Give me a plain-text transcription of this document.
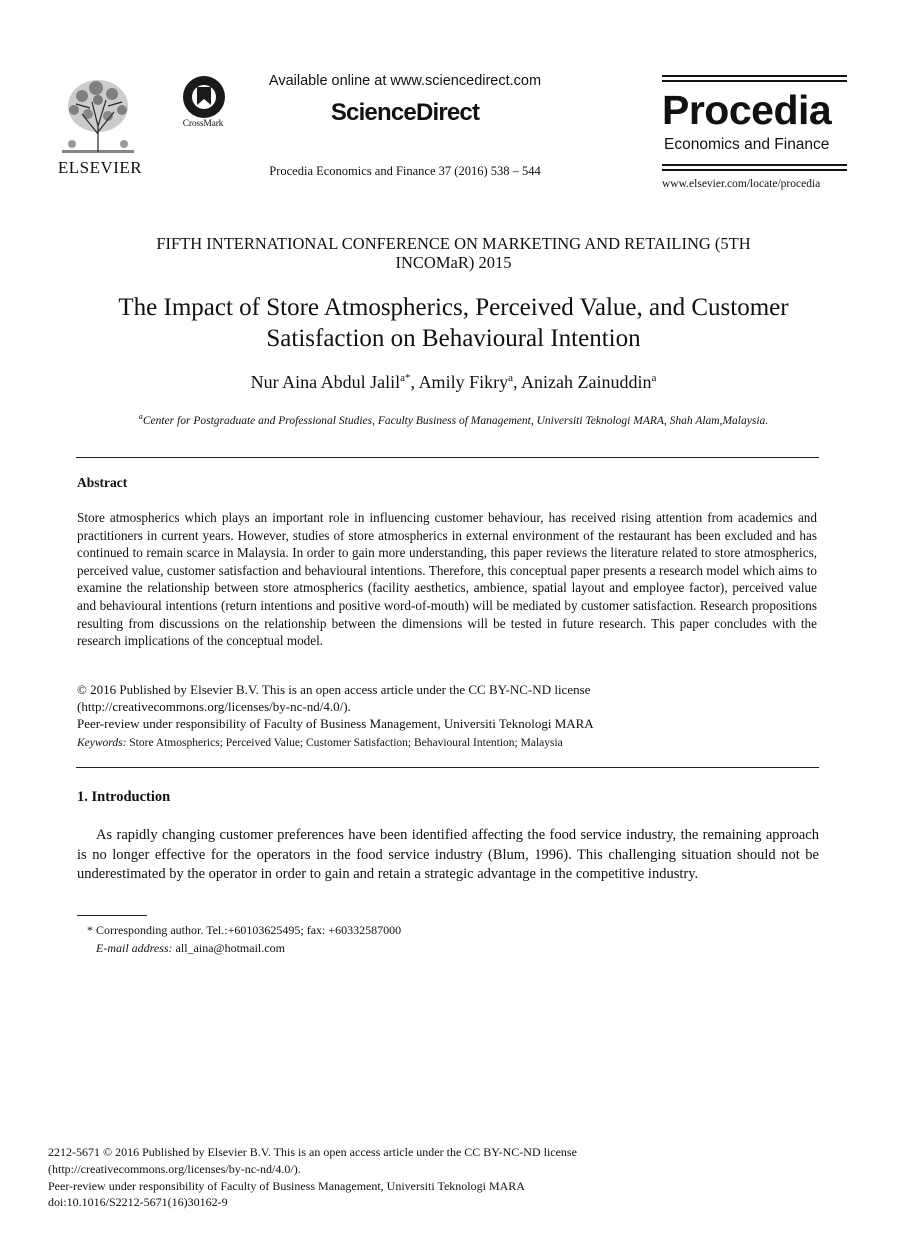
ELSEVIER
CrossMark
Available online at www.sciencedirect.com
ScienceDirect
Procedia Economics and Finance 37 (2016) 538 – 544
Procedia
Economics and Finance
www.elsevier.com/locate/procedia
FIFTH INTERNATIONAL CONFERENCE ON MARKETING AND RETAILING (5TH
INCOMaR) 2015
The Impact of Store Atmospherics, Perceived Value, and Customer
Satisfaction on Behavioural Intention
Nur Aina Abdul Jalil$^{a*}$, Amily Fikry$^a$, Anizah Zainuddin$^a$
$^a$Center for Postgraduate and Professional Studies, Faculty Business of Management, Universiti Teknologi MARA, Shah Alam,Malaysia.
Abstract
Store atmospherics which plays an important role in influencing customer behaviour, has received rising attention from academics and practitioners in current years. However, studies of store atmospherics in external environment of the restaurant has been excluded and has continued to remain scarce in Malaysia. In order to gain more understanding, this paper reviews the literature related to store atmospherics, perceived value, customer satisfaction and behavioural intentions. Therefore, this conceptual paper presents a research model which aims to examine the relationship between store atmospherics (facility aesthetics, ambience, spatial layout and employee factor), perceived value and behavioural intentions (return intentions and positive word-of-mouth) will be mediated by customer satisfaction. Research propositions resulting from discussions on the relationship between the dimensions will be tested in future research. This paper concludes with the research implications of the conceptual model.
© 2016 Published by Elsevier B.V. This is an open access article under the CC BY-NC-ND license
(http://creativecommons.org/licenses/by-nc-nd/4.0/).
Peer-review under responsibility of Faculty of Business Management, Universiti Teknologi MARA
Keywords: Store Atmospherics; Perceived Value; Customer Satisfaction; Behavioural Intention; Malaysia
1. Introduction
As rapidly changing customer preferences have been identified affecting the food service industry, the remaining approach is no longer effective for the operators in the food service industry (Blum, 1996). This challenging situation should not be underestimated by the operator in order to gain and retain a strategic advantage in the competitive industry.
* Corresponding author. Tel.:+60103625495; fax: +60332587000
E-mail address: all_aina@hotmail.com
2212-5671 © 2016 Published by Elsevier B.V. This is an open access article under the CC BY-NC-ND license
(http://creativecommons.org/licenses/by-nc-nd/4.0/).
Peer-review under responsibility of Faculty of Business Management, Universiti Teknologi MARA
doi:10.1016/S2212-5671(16)30162-9
